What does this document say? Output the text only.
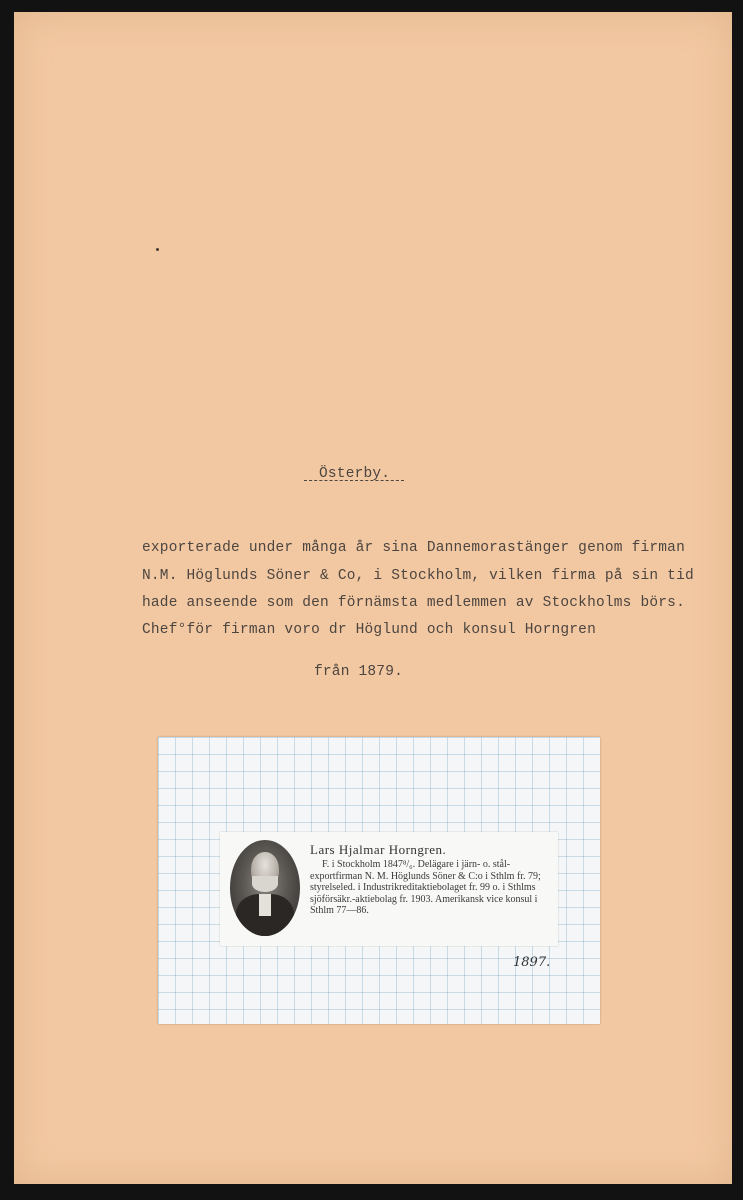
Österby.
exporterade under många år sina Dannemorastänger genom firman
N.M. Höglunds Söner & Co, i Stockholm, vilken firma på sin tid
hade anseende som den förnämsta medlemmen av Stockholms börs.
Chef°för firman voro dr Höglund och konsul Horngren
från 1879.
Lars Hjalmar Horngren.
F. i Stockholm 1847⁸/₆. Delägare i järn- o. stål-exportfirman N. M. Höglunds Söner & C:o i Sthlm fr. 79; styrelseled. i Industrikreditaktiebolaget fr. 99 o. i Sthlms sjöförsäkr.-aktiebolag fr. 1903. Amerikansk vice konsul i Sthlm 77—86.
1897.
